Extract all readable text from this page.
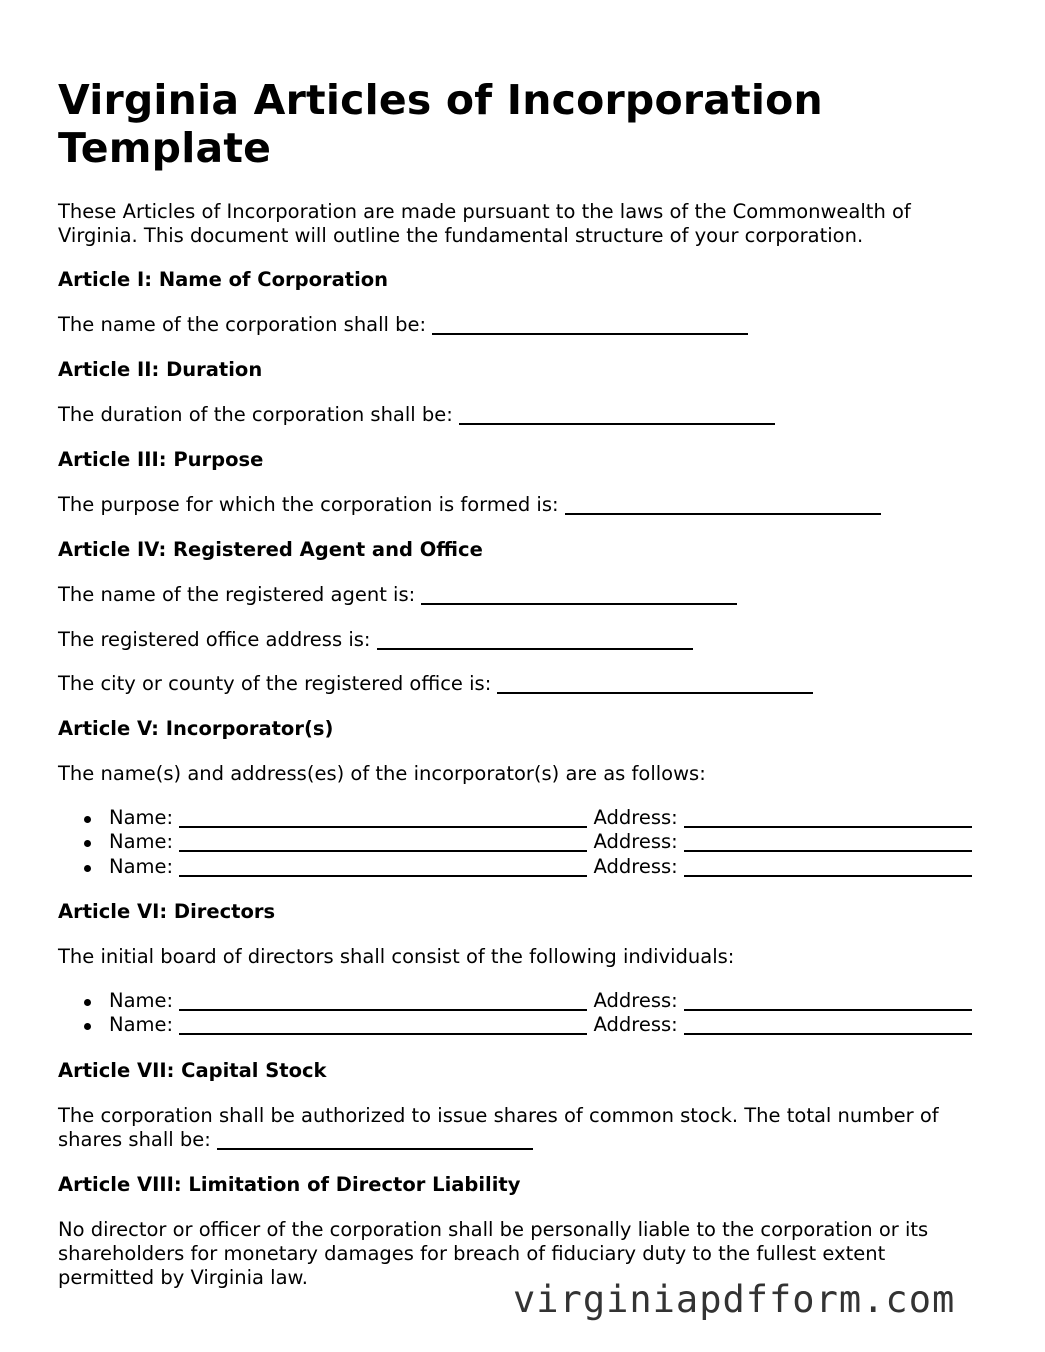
Virginia Articles of Incorporation Template

These Articles of Incorporation are made pursuant to the laws of the Commonwealth of

Virginia. This document will outline the fundamental structure of your corporation.

Article I: Name of Corporation

The name of the corporation shall be:

Article II: Duration

The duration of the corporation shall be:

Article III: Purpose

The purpose for which the corporation is formed is:

Article IV: Registered Agent and Office

The name of the registered agent is:

The registered office address is:

The city or county of the registered office is:

Article V: Incorporator(s)

The name(s) and address(es) of the incorporator(s) are as follows:

Name:	Address:
Name:	Address:
Name:	Address:

Article VI: Directors

The initial board of directors shall consist of the following individuals:

Name:	Address:
Name:	Address:

Article VII: Capital Stock

The corporation shall be authorized to issue shares of common stock. The total number of

shares shall be:

Article VIII: Limitation of Director Liability

No director or officer of the corporation shall be personally liable to the corporation or its

shareholders for monetary damages for breach of fiduciary duty to the fullest extent

permitted by Virginia law.

virginiapdfform.com
